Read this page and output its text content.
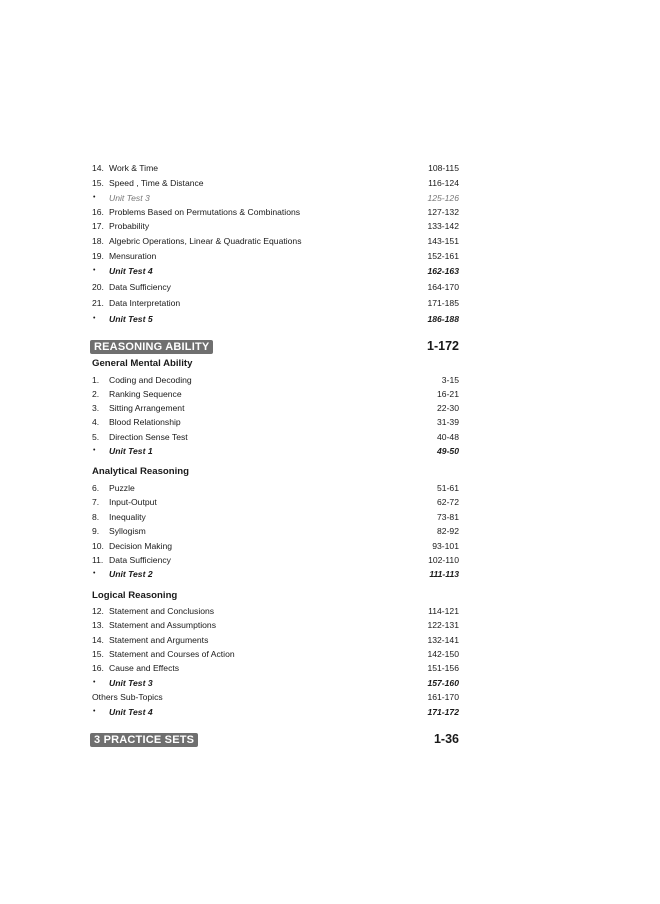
14. Work & Time	108-115
15. Speed , Time & Distance	116-124
• Unit Test 3	125-126
16. Problems Based on Permutations & Combinations	127-132
17. Probability	133-142
18. Algebric Operations, Linear & Quadratic Equations	143-151
19. Mensuration	152-161
• Unit Test 4	162-163
20. Data Sufficiency	164-170
21. Data Interpretation	171-185
• Unit Test 5	186-188
REASONING ABILITY	1-172
General Mental Ability
1. Coding and Decoding	3-15
2. Ranking Sequence	16-21
3. Sitting Arrangement	22-30
4. Blood Relationship	31-39
5. Direction Sense Test	40-48
• Unit Test 1	49-50
Analytical Reasoning
6. Puzzle	51-61
7. Input-Output	62-72
8. Inequality	73-81
9. Syllogism	82-92
10. Decision Making	93-101
11. Data Sufficiency	102-110
• Unit Test 2	111-113
Logical Reasoning
12. Statement and Conclusions	114-121
13. Statement and Assumptions	122-131
14. Statement and Arguments	132-141
15. Statement and Courses of Action	142-150
16. Cause and Effects	151-156
• Unit Test 3	157-160
Others Sub-Topics	161-170
• Unit Test 4	171-172
3 PRACTICE SETS	1-36
